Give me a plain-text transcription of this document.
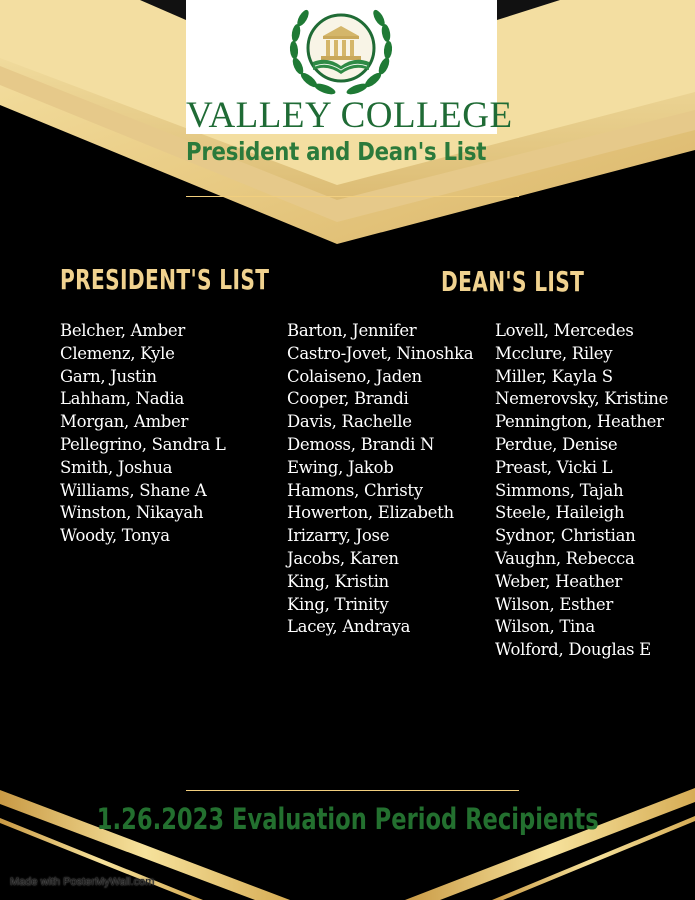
VALLEY COLLEGE
President and Dean's List
PRESIDENT'S LIST	DEAN'S LIST
Belcher, Amber
Clemenz, Kyle
Garn, Justin
Lahham, Nadia
Morgan, Amber
Pellegrino, Sandra L
Smith, Joshua
Williams, Shane A
Winston, Nikayah
Woody, Tonya
Barton, Jennifer
Castro-Jovet, Ninoshka
Colaiseno, Jaden
Cooper, Brandi
Davis, Rachelle
Demoss, Brandi N
Ewing, Jakob
Hamons, Christy
Howerton, Elizabeth
Irizarry, Jose
Jacobs, Karen
King, Kristin
King, Trinity
Lacey, Andraya
Lovell, Mercedes
Mcclure, Riley
Miller, Kayla S
Nemerovsky, Kristine
Pennington, Heather
Perdue, Denise
Preast, Vicki L
Simmons, Tajah
Steele, Haileigh
Sydnor, Christian
Vaughn, Rebecca
Weber, Heather
Wilson, Esther
Wilson, Tina
Wolford, Douglas E
1.26.2023 Evaluation Period Recipients
Made with PosterMyWall.com
